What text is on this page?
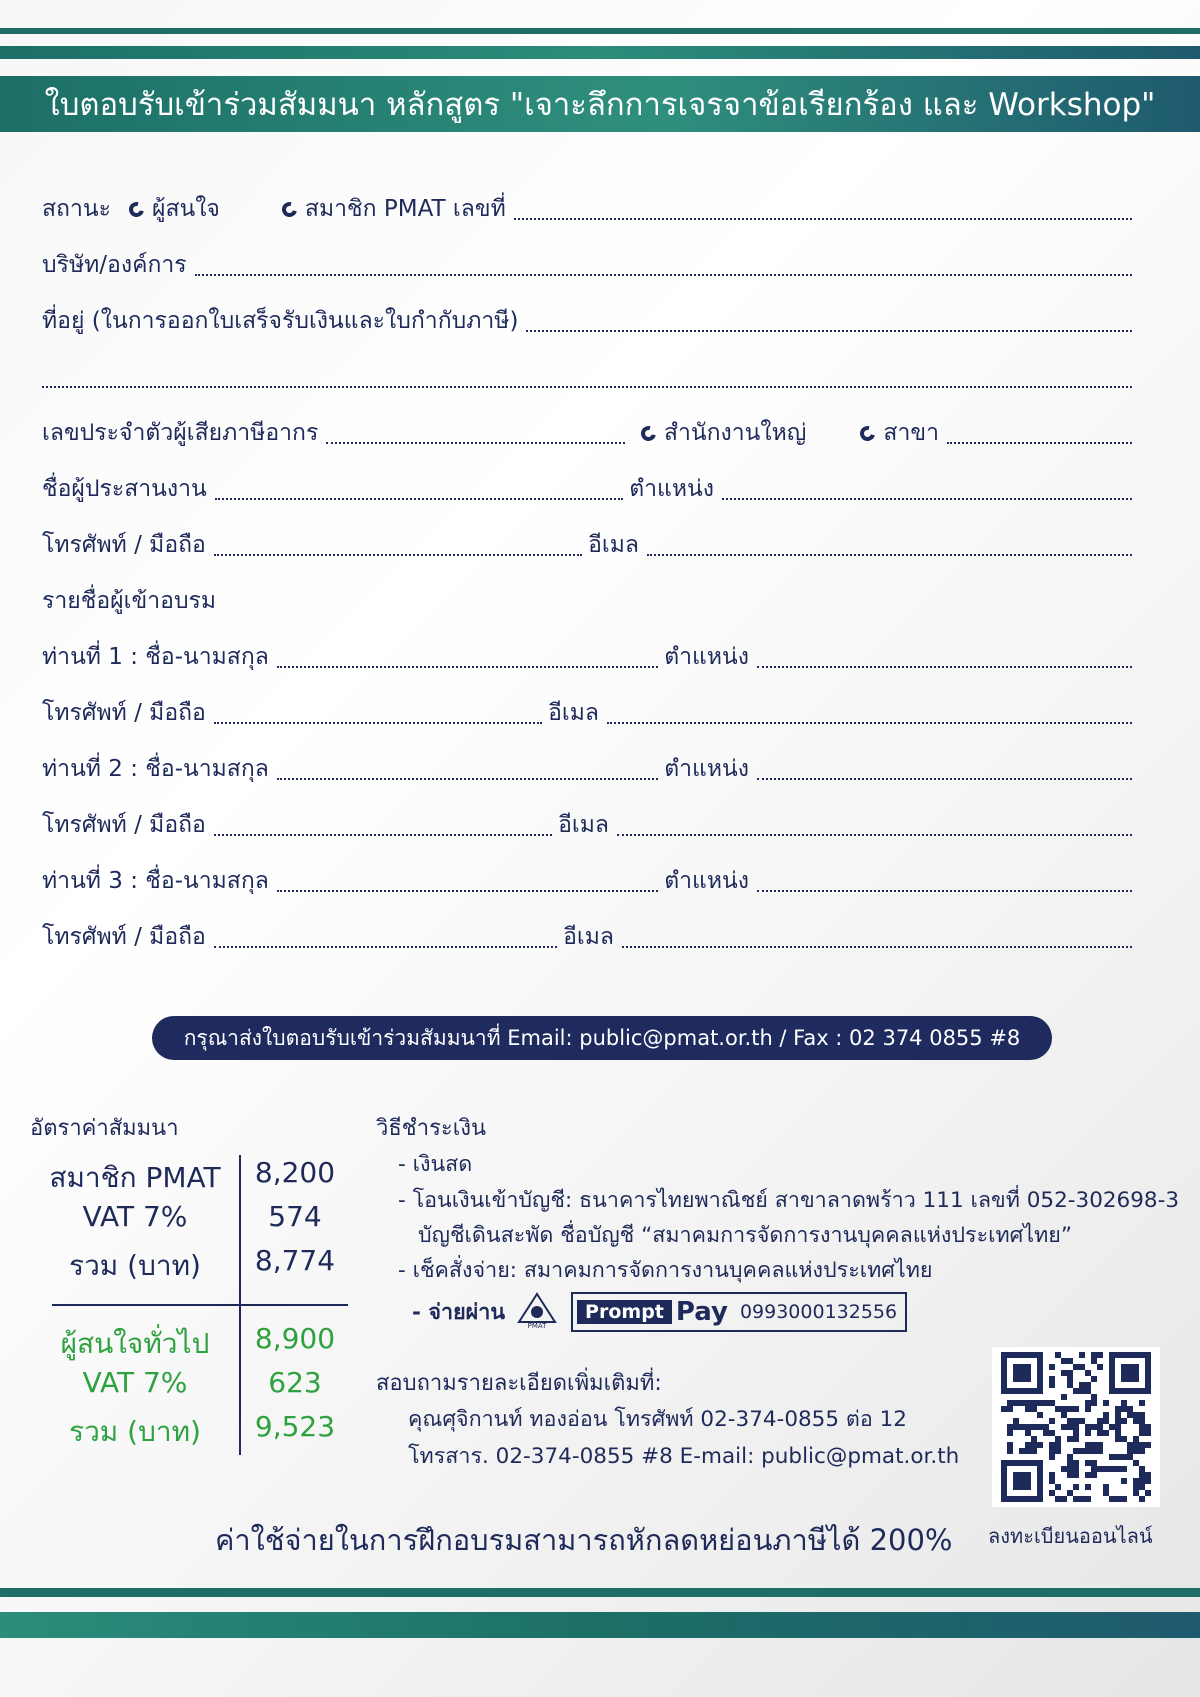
ใบตอบรับเข้าร่วมสัมมนา หลักสูตร "เจาะลึกการเจรจาข้อเรียกร้อง และ Workshop"
สถานะ ผู้สนใจ	สมาชิก PMAT เลขที่
บริษัท/องค์การ
ที่อยู่ (ในการออกใบเสร็จรับเงินและใบกำกับภาษี)
เลขประจำตัวผู้เสียภาษีอากร	สำนักงานใหญ่	สาขา
ชื่อผู้ประสานงาน	ตำแหน่ง
โทรศัพท์ / มือถือ	อีเมล
รายชื่อผู้เข้าอบรม
ท่านที่ 1 : ชื่อ-นามสกุล	ตำแหน่ง
โทรศัพท์ / มือถือ	อีเมล
ท่านที่ 2 : ชื่อ-นามสกุล	ตำแหน่ง
โทรศัพท์ / มือถือ	อีเมล
ท่านที่ 3 : ชื่อ-นามสกุล	ตำแหน่ง
โทรศัพท์ / มือถือ	อีเมล
กรุณาส่งใบตอบรับเข้าร่วมสัมมนาที่ Email: public@pmat.or.th / Fax : 02 374 0855 #8
อัตราค่าสัมมนา
สมาชิก PMAT	8,200
VAT 7%	574
รวม (บาท)	8,774
ผู้สนใจทั่วไป	8,900
VAT 7%	623
รวม (บาท)	9,523
วิธีชำระเงิน
- เงินสด
- โอนเงินเข้าบัญชี: ธนาคารไทยพาณิชย์ สาขาลาดพร้าว 111 เลขที่ 052-302698-3
บัญชีเดินสะพัด ชื่อบัญชี “สมาคมการจัดการงานบุคคลแห่งประเทศไทย”
- เช็คสั่งจ่าย: สมาคมการจัดการงานบุคคลแห่งประเทศไทย
- จ่ายผ่าน
PMAT
Prompt Pay 0993000132556
สอบถามรายละเอียดเพิ่มเติมที่:
คุณศุจิกานท์ ทองอ่อน โทรศัพท์ 02-374-0855 ต่อ 12
โทรสาร. 02-374-0855 #8 E-mail: public@pmat.or.th
ลงทะเบียนออนไลน์
ค่าใช้จ่ายในการฝึกอบรมสามารถหักลดหย่อนภาษีได้ 200%
